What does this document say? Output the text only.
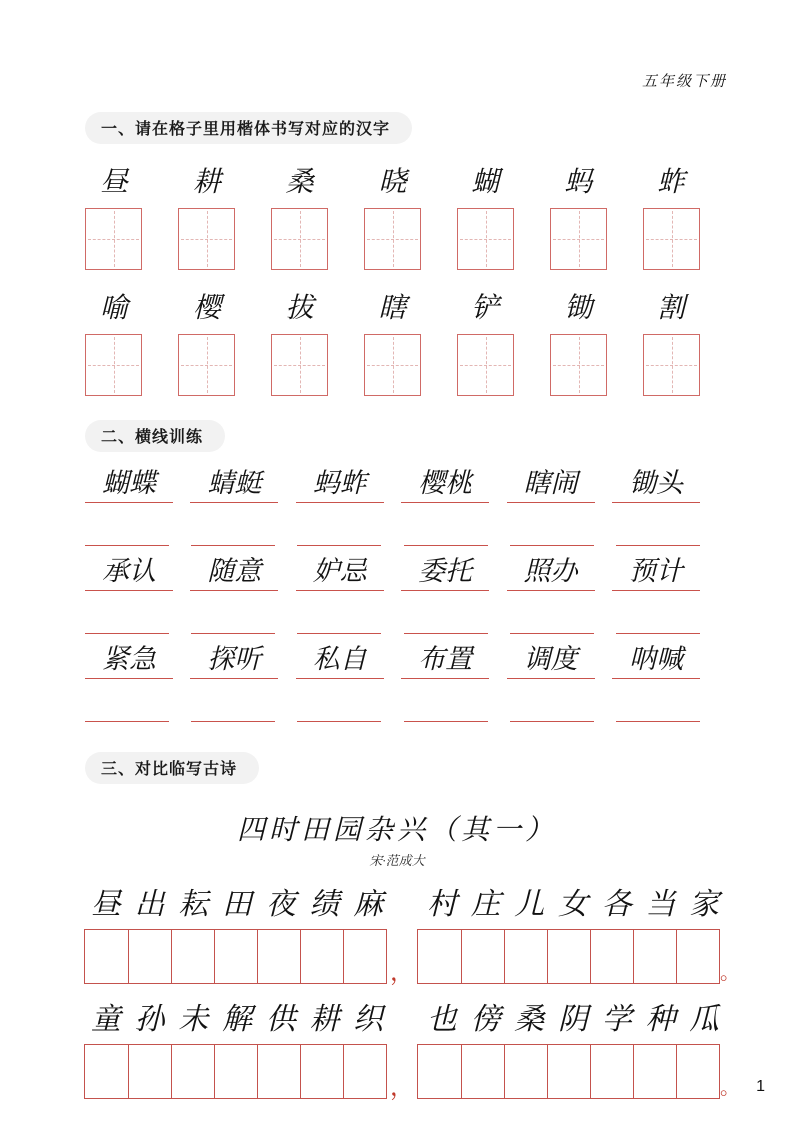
五年级下册
一、请在格子里用楷体书写对应的汉字
昼	耕	桑	晓	蝴	蚂	蚱
喻	樱	拔	瞎	铲	锄	割
二、横线训练
蝴蝶	蜻蜓	蚂蚱	樱桃	瞎闹	锄头
承认	随意	妒忌	委托	照办	预计
紧急	探听	私自	布置	调度	呐喊
三、对比临写古诗
四时田园杂兴（其一）
宋·范成大
昼 出 耘 田 夜 绩 麻 村 庄 儿 女 各 当 家
，	。
童 孙 未 解 供 耕 织 也 傍 桑 阴 学 种 瓜
，	。 1
